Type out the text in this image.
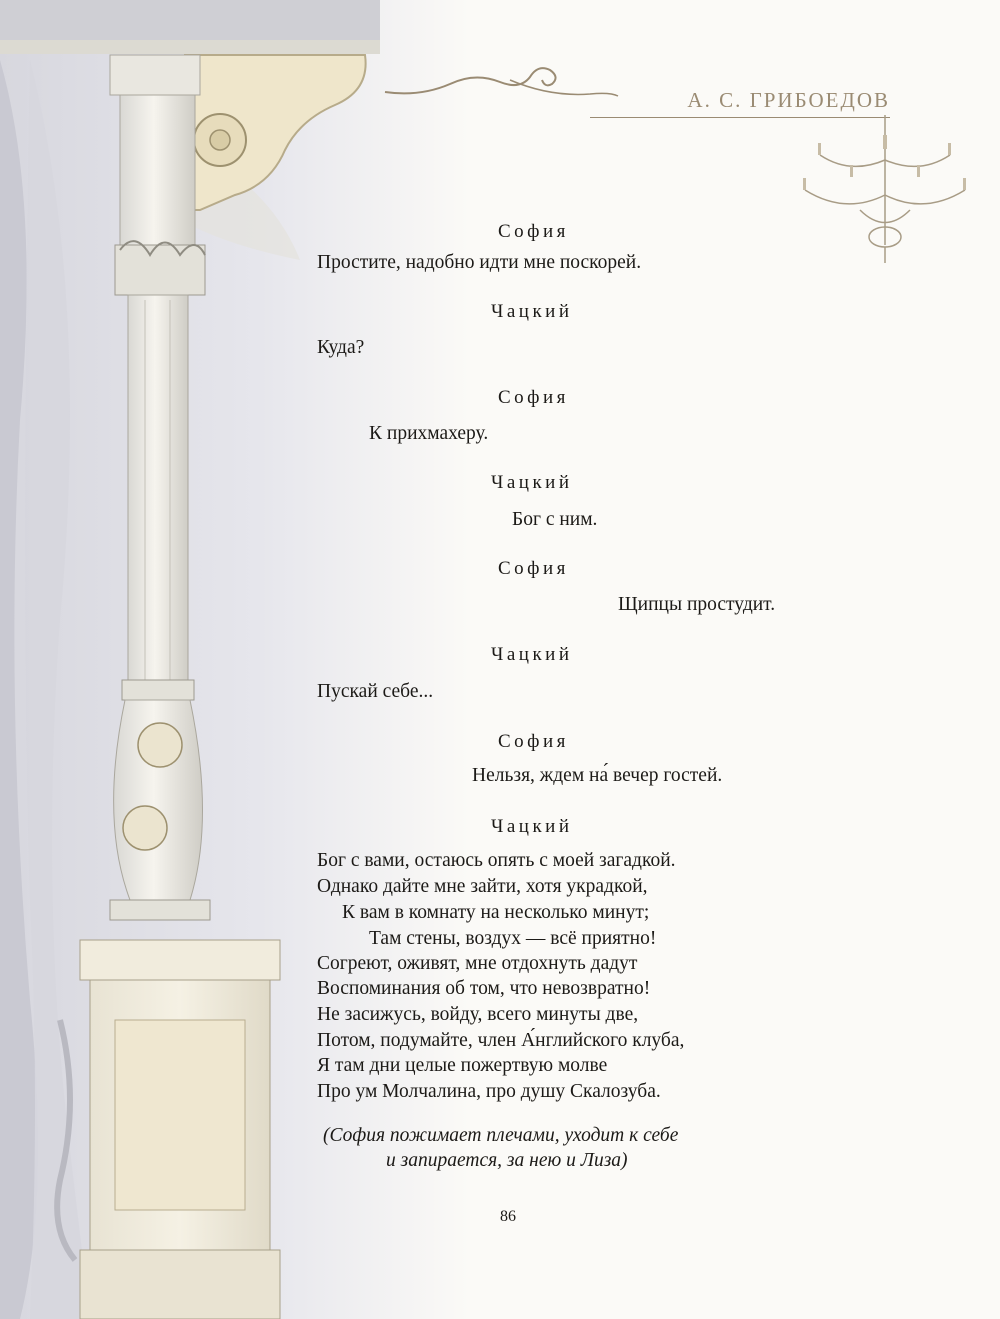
А. С. ГРИБОЕДОВ
София
Простите, надобно идти мне поскорей.
Чацкий
Куда?
София
К прихмахеру.
Чацкий
Бог с ним.
София
Щипцы простудит.
Чацкий
Пускай себе...
София
Нельзя, ждем на́ вечер гостей.
Чацкий
Бог с вами, остаюсь опять с моей загадкой.
Однако дайте мне зайти, хотя украдкой,
К вам в комнату на несколько минут;
Там стены, воздух — всё приятно!
Согреют, оживят, мне отдохнуть дадут
Воспоминания об том, что невозвратно!
Не засижусь, войду, всего минуты две,
Потом, подумайте, член А́нглийского клуба,
Я там дни целые пожертвую молве
Про ум Молчалина, про душу Скалозуба.
(София пожимает плечами, уходит к себе
и запирается, за нею и Лиза)
86
